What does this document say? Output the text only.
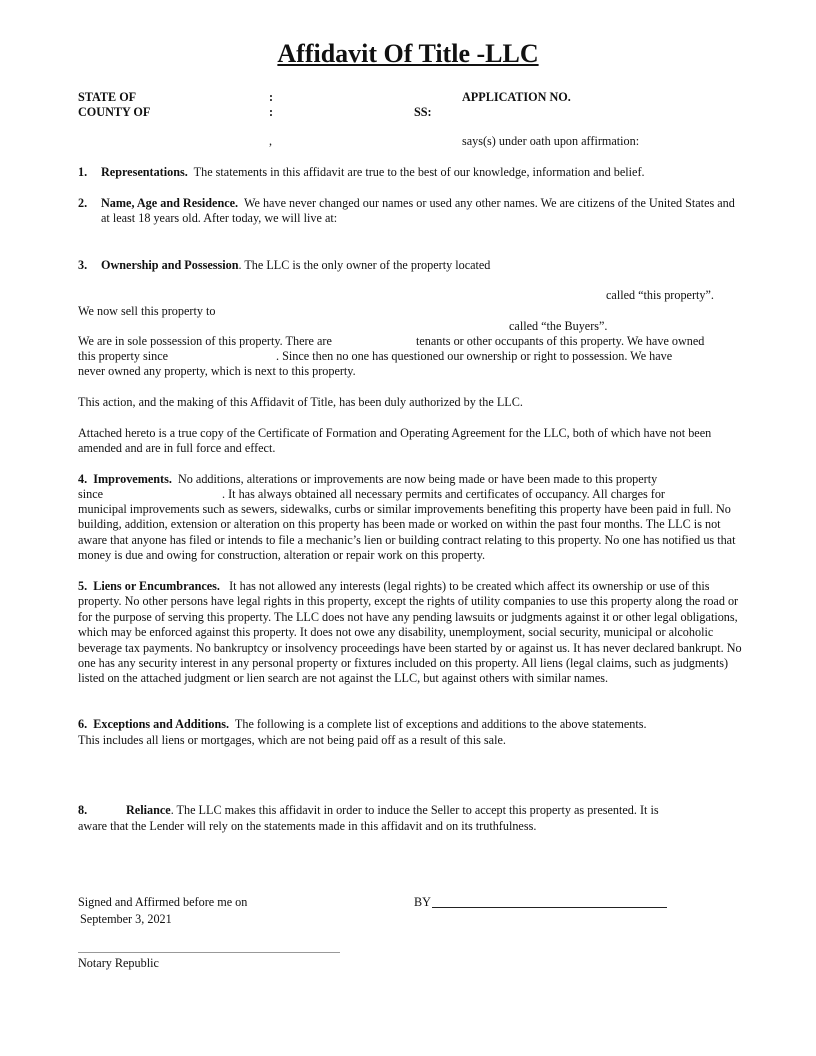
Affidavit Of Title -LLC
STATE OF	:	APPLICATION NO.
COUNTY OF	:	SS:
,	says(s) under oath upon affirmation:
1. Representations. The statements in this affidavit are true to the best of our knowledge, information and belief.
2. Name, Age and Residence. We have never changed our names or used any other names. We are citizens of the United States and at least 18 years old. After today, we will live at:
3. Ownership and Possession. The LLC is the only owner of the property located
called “this property”.
We now sell this property to
called “the Buyers”.
We are in sole possession of this property. There are	tenants or other occupants of this property. We have owned
this property since	. Since then no one has questioned our ownership or right to possession. We have
never owned any property, which is next to this property.
This action, and the making of this Affidavit of Title, has been duly authorized by the LLC.
Attached hereto is a true copy of the Certificate of Formation and Operating Agreement for the LLC, both of which have not been amended and are in full force and effect.
4. Improvements. No additions, alterations or improvements are now being made or have been made to this property
since	. It has always obtained all necessary permits and certificates of occupancy. All charges for
municipal improvements such as sewers, sidewalks, curbs or similar improvements benefiting this property have been paid in full. No building, addition, extension or alteration on this property has been made or worked on within the past four months. The LLC is not aware that anyone has filed or intends to file a mechanic’s lien or building contract relating to this property. No one has notified us that money is due and owing for construction, alteration or repair work on this property.
5. Liens or Encumbrances. It has not allowed any interests (legal rights) to be created which affect its ownership or use of this property. No other persons have legal rights in this property, except the rights of utility companies to use this property along the road or for the purpose of serving this property. The LLC does not have any pending lawsuits or judgments against it or other legal obligations, which may be enforced against this property. It does not owe any disability, unemployment, social security, municipal or alcoholic beverage tax payments. No bankruptcy or insolvency proceedings have been started by or against us. It has never declared bankrupt. No one has any security interest in any personal property or fixtures included on this property. All liens (legal claims, such as judgments) listed on the attached judgment or lien search are not against the LLC, but against others with similar names.
6. Exceptions and Additions. The following is a complete list of exceptions and additions to the above statements.
This includes all liens or mortgages, which are not being paid off as a result of this sale.
8.	Reliance. The LLC makes this affidavit in order to induce the Seller to accept this property as presented. It is
aware that the Lender will rely on the statements made in this affidavit and on its truthfulness.
Signed and Affirmed before me on
September 3, 2021
BY
Notary Republic
